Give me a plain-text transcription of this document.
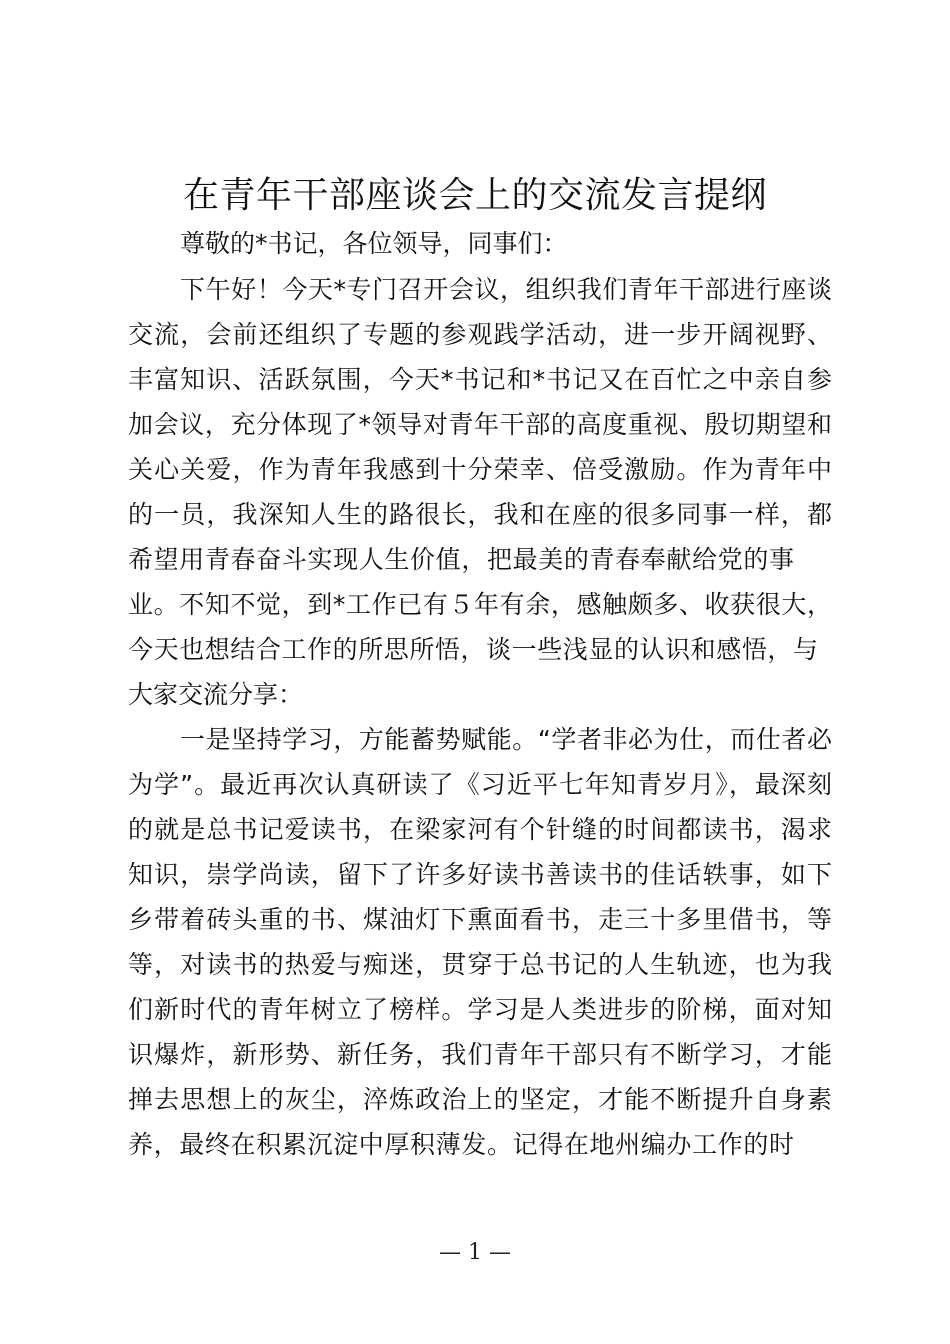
在青年干部座谈会上的交流发言提纲
尊敬的*书记，各位领导，同事们：
下午好！今天*专门召开会议，组织我们青年干部进行座谈
交流，会前还组织了专题的参观践学活动，进一步开阔视野、
丰富知识、活跃氛围，今天*书记和*书记又在百忙之中亲自参
加会议，充分体现了*领导对青年干部的高度重视、殷切期望和
关心关爱，作为青年我感到十分荣幸、倍受激励。作为青年中
的一员，我深知人生的路很长，我和在座的很多同事一样，都
希望用青春奋斗实现人生价值，把最美的青春奉献给党的事
业。不知不觉，到*工作已有５年有余，感触颇多、收获很大，
今天也想结合工作的所思所悟，谈一些浅显的认识和感悟，与
大家交流分享：
一是坚持学习，方能蓄势赋能。“学者非必为仕，而仕者必
为学”。最近再次认真研读了《习近平七年知青岁月》，最深刻
的就是总书记爱读书，在梁家河有个针缝的时间都读书，渴求
知识，崇学尚读，留下了许多好读书善读书的佳话轶事，如下
乡带着砖头重的书、煤油灯下熏面看书，走三十多里借书，等
等，对读书的热爱与痴迷，贯穿于总书记的人生轨迹，也为我
们新时代的青年树立了榜样。学习是人类进步的阶梯，面对知
识爆炸，新形势、新任务，我们青年干部只有不断学习，才能
掸去思想上的灰尘，淬炼政治上的坚定，才能不断提升自身素
养，最终在积累沉淀中厚积薄发。记得在地州编办工作的时
— 1 —
